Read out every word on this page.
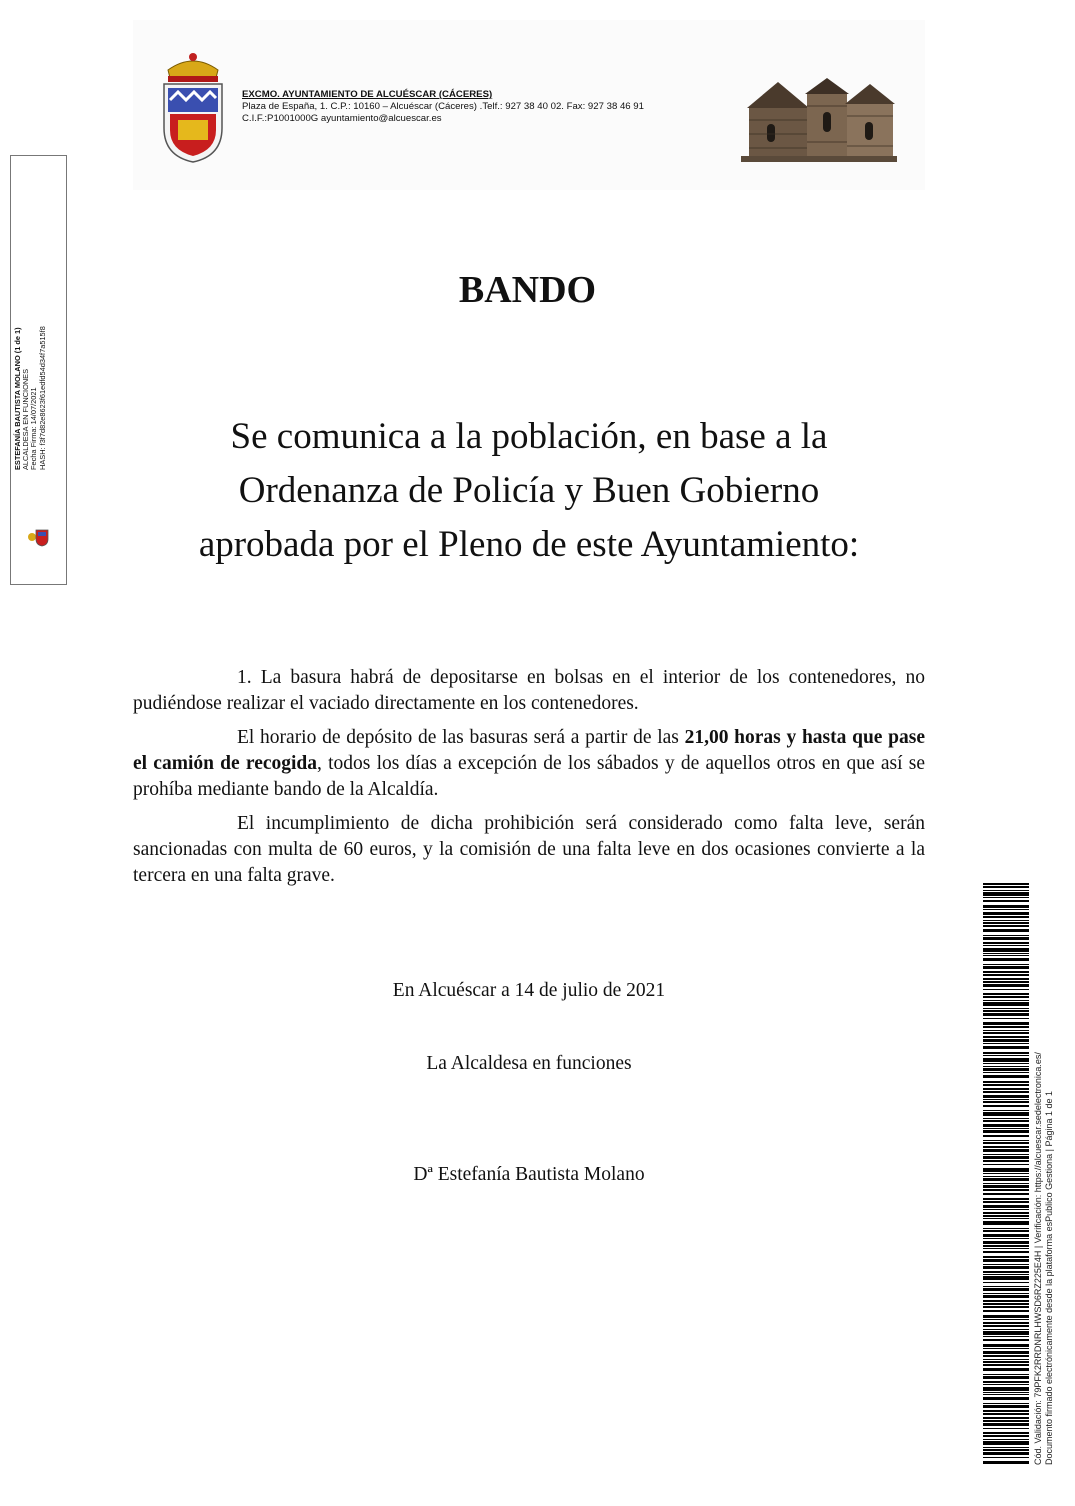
EXCMO. AYUNTAMIENTO DE ALCUÉSCAR (CÁCERES)
Plaza de España, 1. C.P.: 10160 – Alcuéscar (Cáceres) .Telf.: 927 38 40 02. Fax: 927 38 46 91
C.I.F.:P1001000G ayuntamiento@alcuescar.es
BANDO
Se comunica a la población, en base a la
Ordenanza de Policía y Buen Gobierno
aprobada por el Pleno de este Ayuntamiento:

1. La basura habrá de depositarse en bolsas en el interior de los contenedores, no pudiéndose realizar el vaciado directamente en los contenedores.

El horario de depósito de las basuras será a partir de las 21,00 horas y hasta que pase el camión de recogida, todos los días a excepción de los sábados y de aquellos otros en que así se prohíba mediante bando de la Alcaldía.

El incumplimiento de dicha prohibición será considerado como falta leve, serán sancionadas con multa de 60 euros, y la comisión de una falta leve en dos ocasiones convierte a la tercera en una falta grave.

En Alcuéscar a 14 de julio de 2021
La Alcaldesa en funciones
Dª Estefanía Bautista Molano
ESTEFANÍA BAUTISTA MOLANO (1 de 1) ALCALDESA EN FUNCIONES Fecha Firma: 14/07/2021 HASH: f3f7d82e8623f61edfd54d34f7a515f8
Cód. Validación: 79PFK2RRDNRLHWSD6RZ225E4H | Verificación: https://alcuescar.sedelectronica.es/ Documento firmado electrónicamente desde la plataforma esPublico Gestiona | Página 1 de 1
